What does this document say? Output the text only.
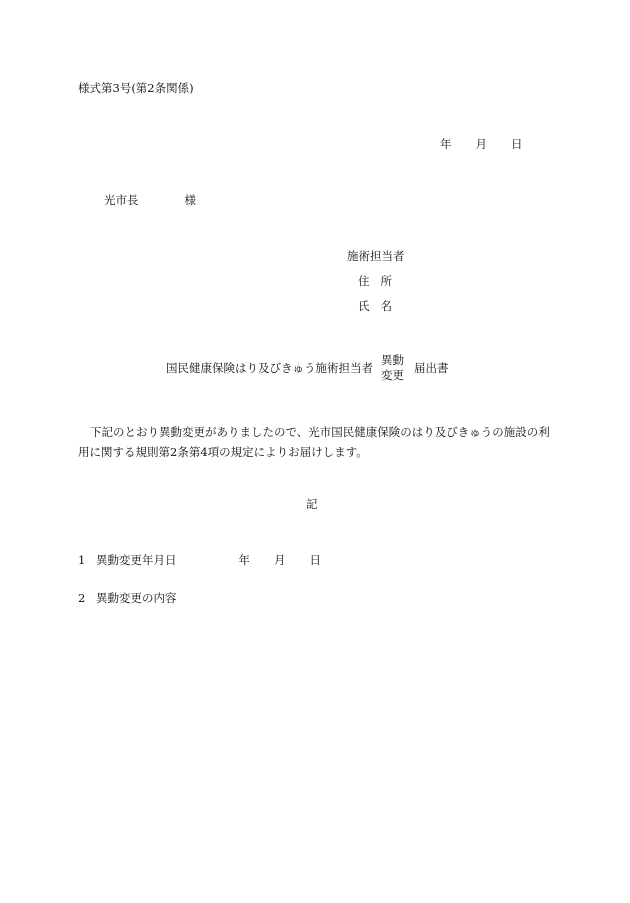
様式第3号(第2条関係)
年 月 日
光市長	様
施術担当者
住 所
氏 名
国民健康保険はり及びきゅう施術担当者
異動
変更 届出書
下記のとおり異動変更がありましたので、光市国民健康保険のはり及びきゅうの施設の利用に関する規則第2条第4項の規定によりお届けします。
記
1 異動変更年月日	年 月 日
2 異動変更の内容
